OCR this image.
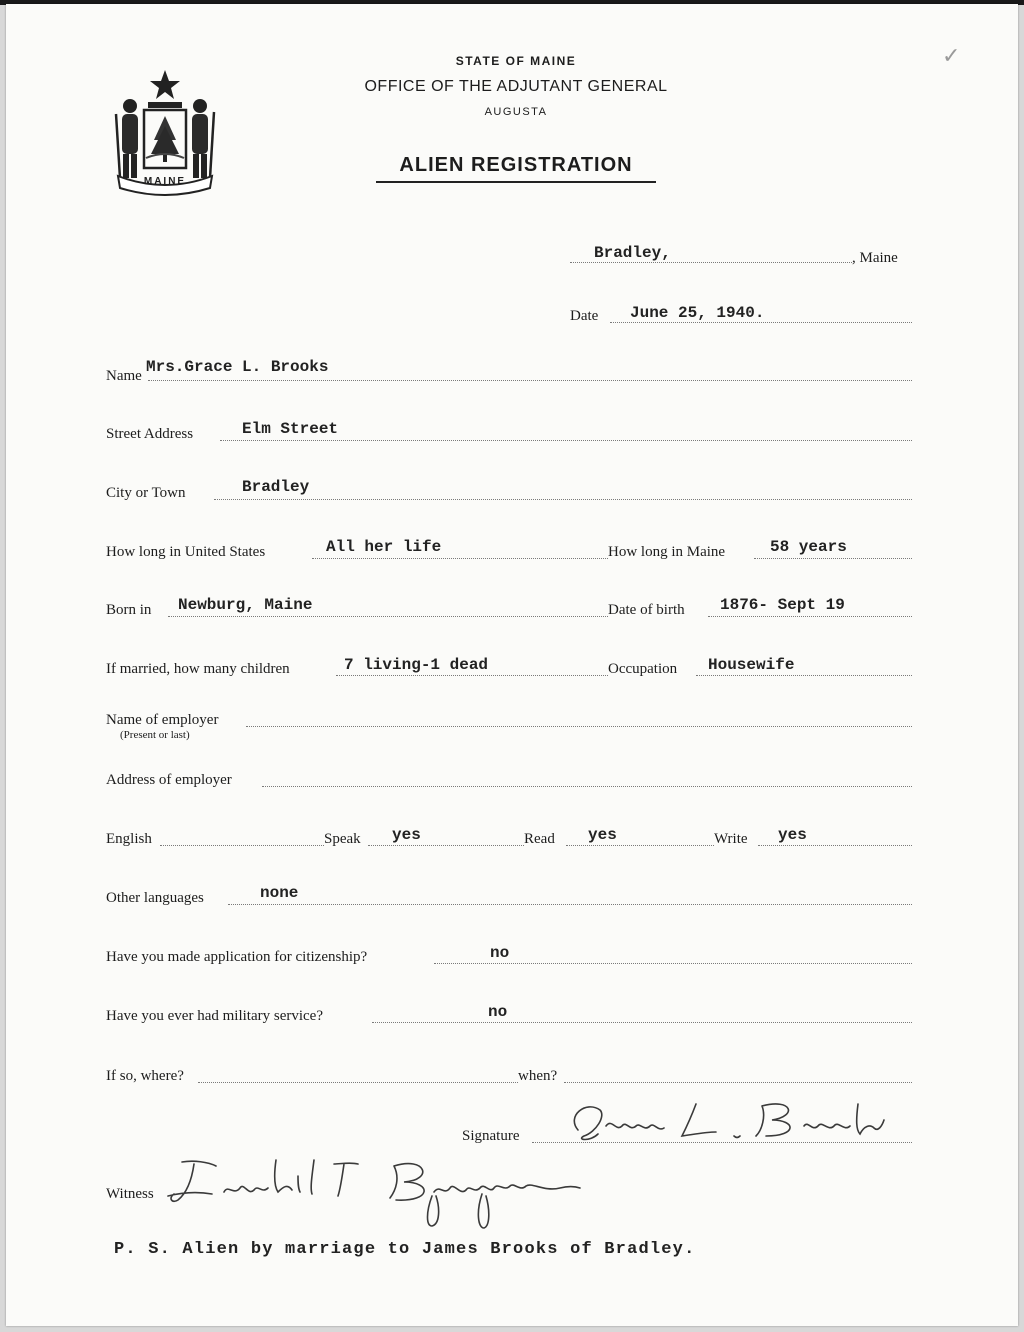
MAINE
✓
STATE OF MAINE
OFFICE OF THE ADJUTANT GENERAL
AUGUSTA
ALIEN REGISTRATION
Bradley,	, Maine
Date June 25, 1940.
Name Mrs.Grace L. Brooks
Street Address	Elm Street
City or Town	Bradley
How long in United States	All her life	How long in Maine	58 years
Born in Newburg, Maine	Date of birth 1876- Sept 19
If married, how many children	7 living-1 dead	Occupation Housewife
Name of employer
(Present or last)
Address of employer
English	Speak yes	Read yes	Write yes
Other languages	none
Have you made application for citizenship?	no
Have you ever had military service?	no
If so, where?	when?
Signature
Witness
P. S. Alien by marriage to James Brooks of Bradley.
